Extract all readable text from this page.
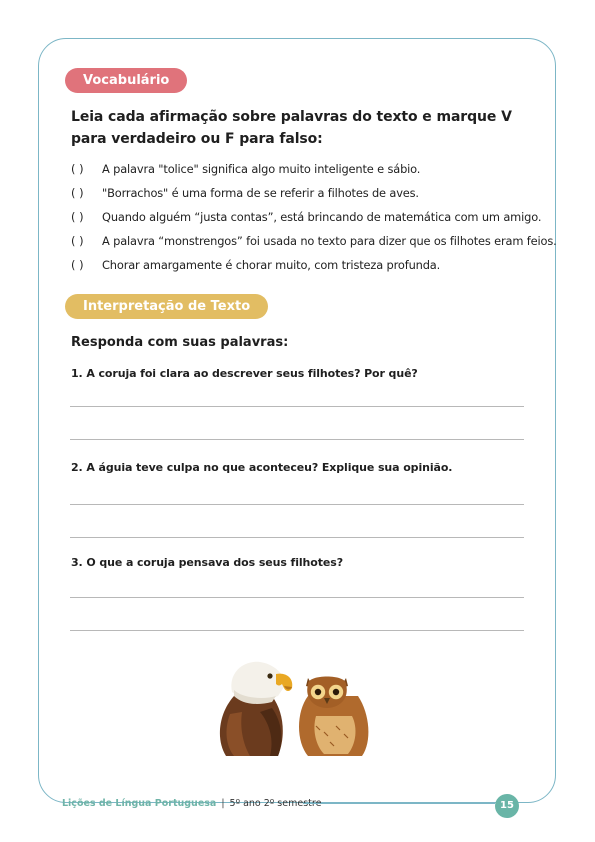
Vocabulário
Leia cada afirmação sobre palavras do texto e marque V para verdadeiro ou F para falso:
( )	A palavra "tolice" significa algo muito inteligente e sábio.
( )	"Borrachos" é uma forma de se referir a filhotes de aves.
( )	Quando alguém “justa contas”, está brincando de matemática com um amigo.
( )	A palavra “monstrengos” foi usada no texto para dizer que os filhotes eram feios.
( )	Chorar amargamente é chorar muito, com tristeza profunda.
Interpretação de Texto
Responda com suas palavras:
1. A coruja foi clara ao descrever seus filhotes? Por quê?
2. A águia teve culpa no que aconteceu? Explique sua opinião.
3. O que a coruja pensava dos seus filhotes?
Lições de Língua Portuguesa | 5º ano 2º semestre	15
